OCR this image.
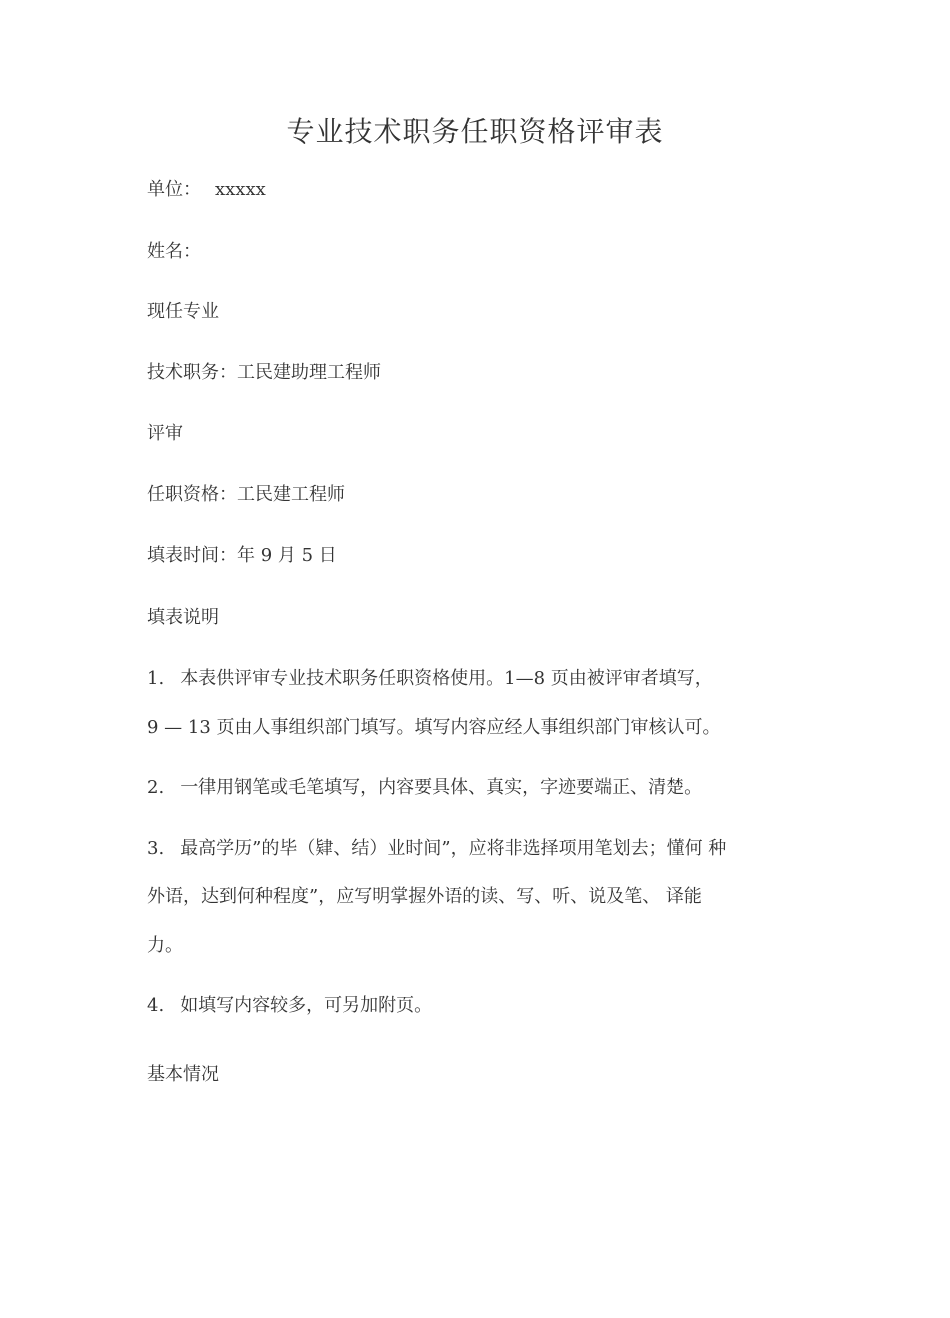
专业技术职务任职资格评审表
单位： xxxxx
姓名：
现任专业
技术职务：工民建助理工程师
评审
任职资格：工民建工程师
填表时间：年 9 月 5 日
填表说明
1. 本表供评审专业技术职务任职资格使用。1—8 页由被评审者填写，
9 — 13 页由人事组织部门填写。填写内容应经人事组织部门审核认可。
2. 一律用钢笔或毛笔填写，内容要具体、真实，字迹要端正、清楚。
3. 最高学历”的毕（肄、结）业时间”，应将非选择项用笔划去；懂何 种
外语，达到何种程度”，应写明掌握外语的读、写、听、说及笔、 译能
力。
4. 如填写内容较多，可另加附页。
基本情况
